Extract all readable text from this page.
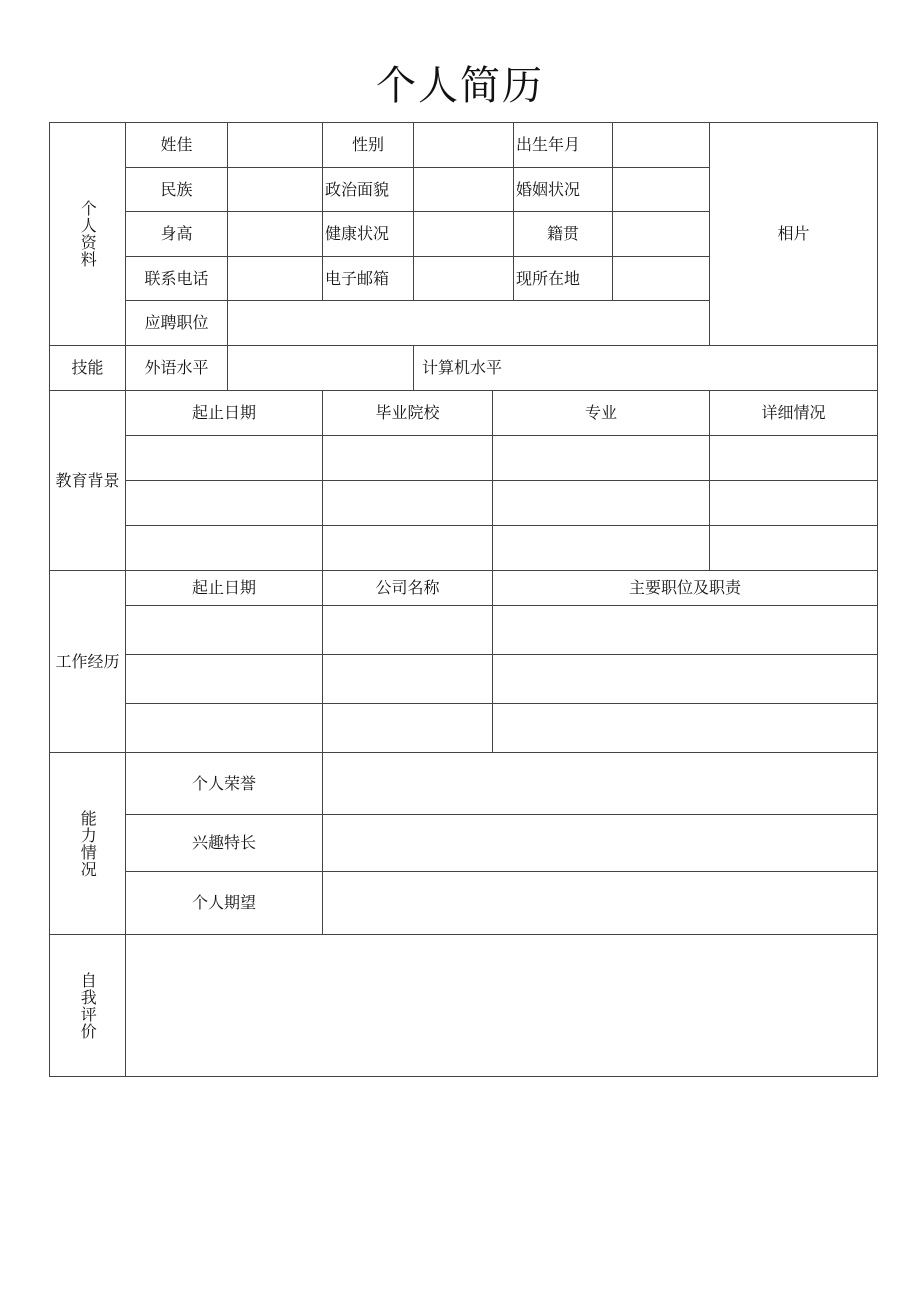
个人简历
个人资料
姓佳	性别	出生年月
民族	政治面貌	婚姻状况
身高	健康状况	籍贯
联系电话	电子邮箱	现所在地
应聘职位
相片
技能	外语水平	计算机水平
教育背景
起止日期	毕业院校	专业	详细情况
工作经历
起止日期	公司名称	主要职位及职责
能力情况
个人荣誉
兴趣特长
个人期望
自我评价
